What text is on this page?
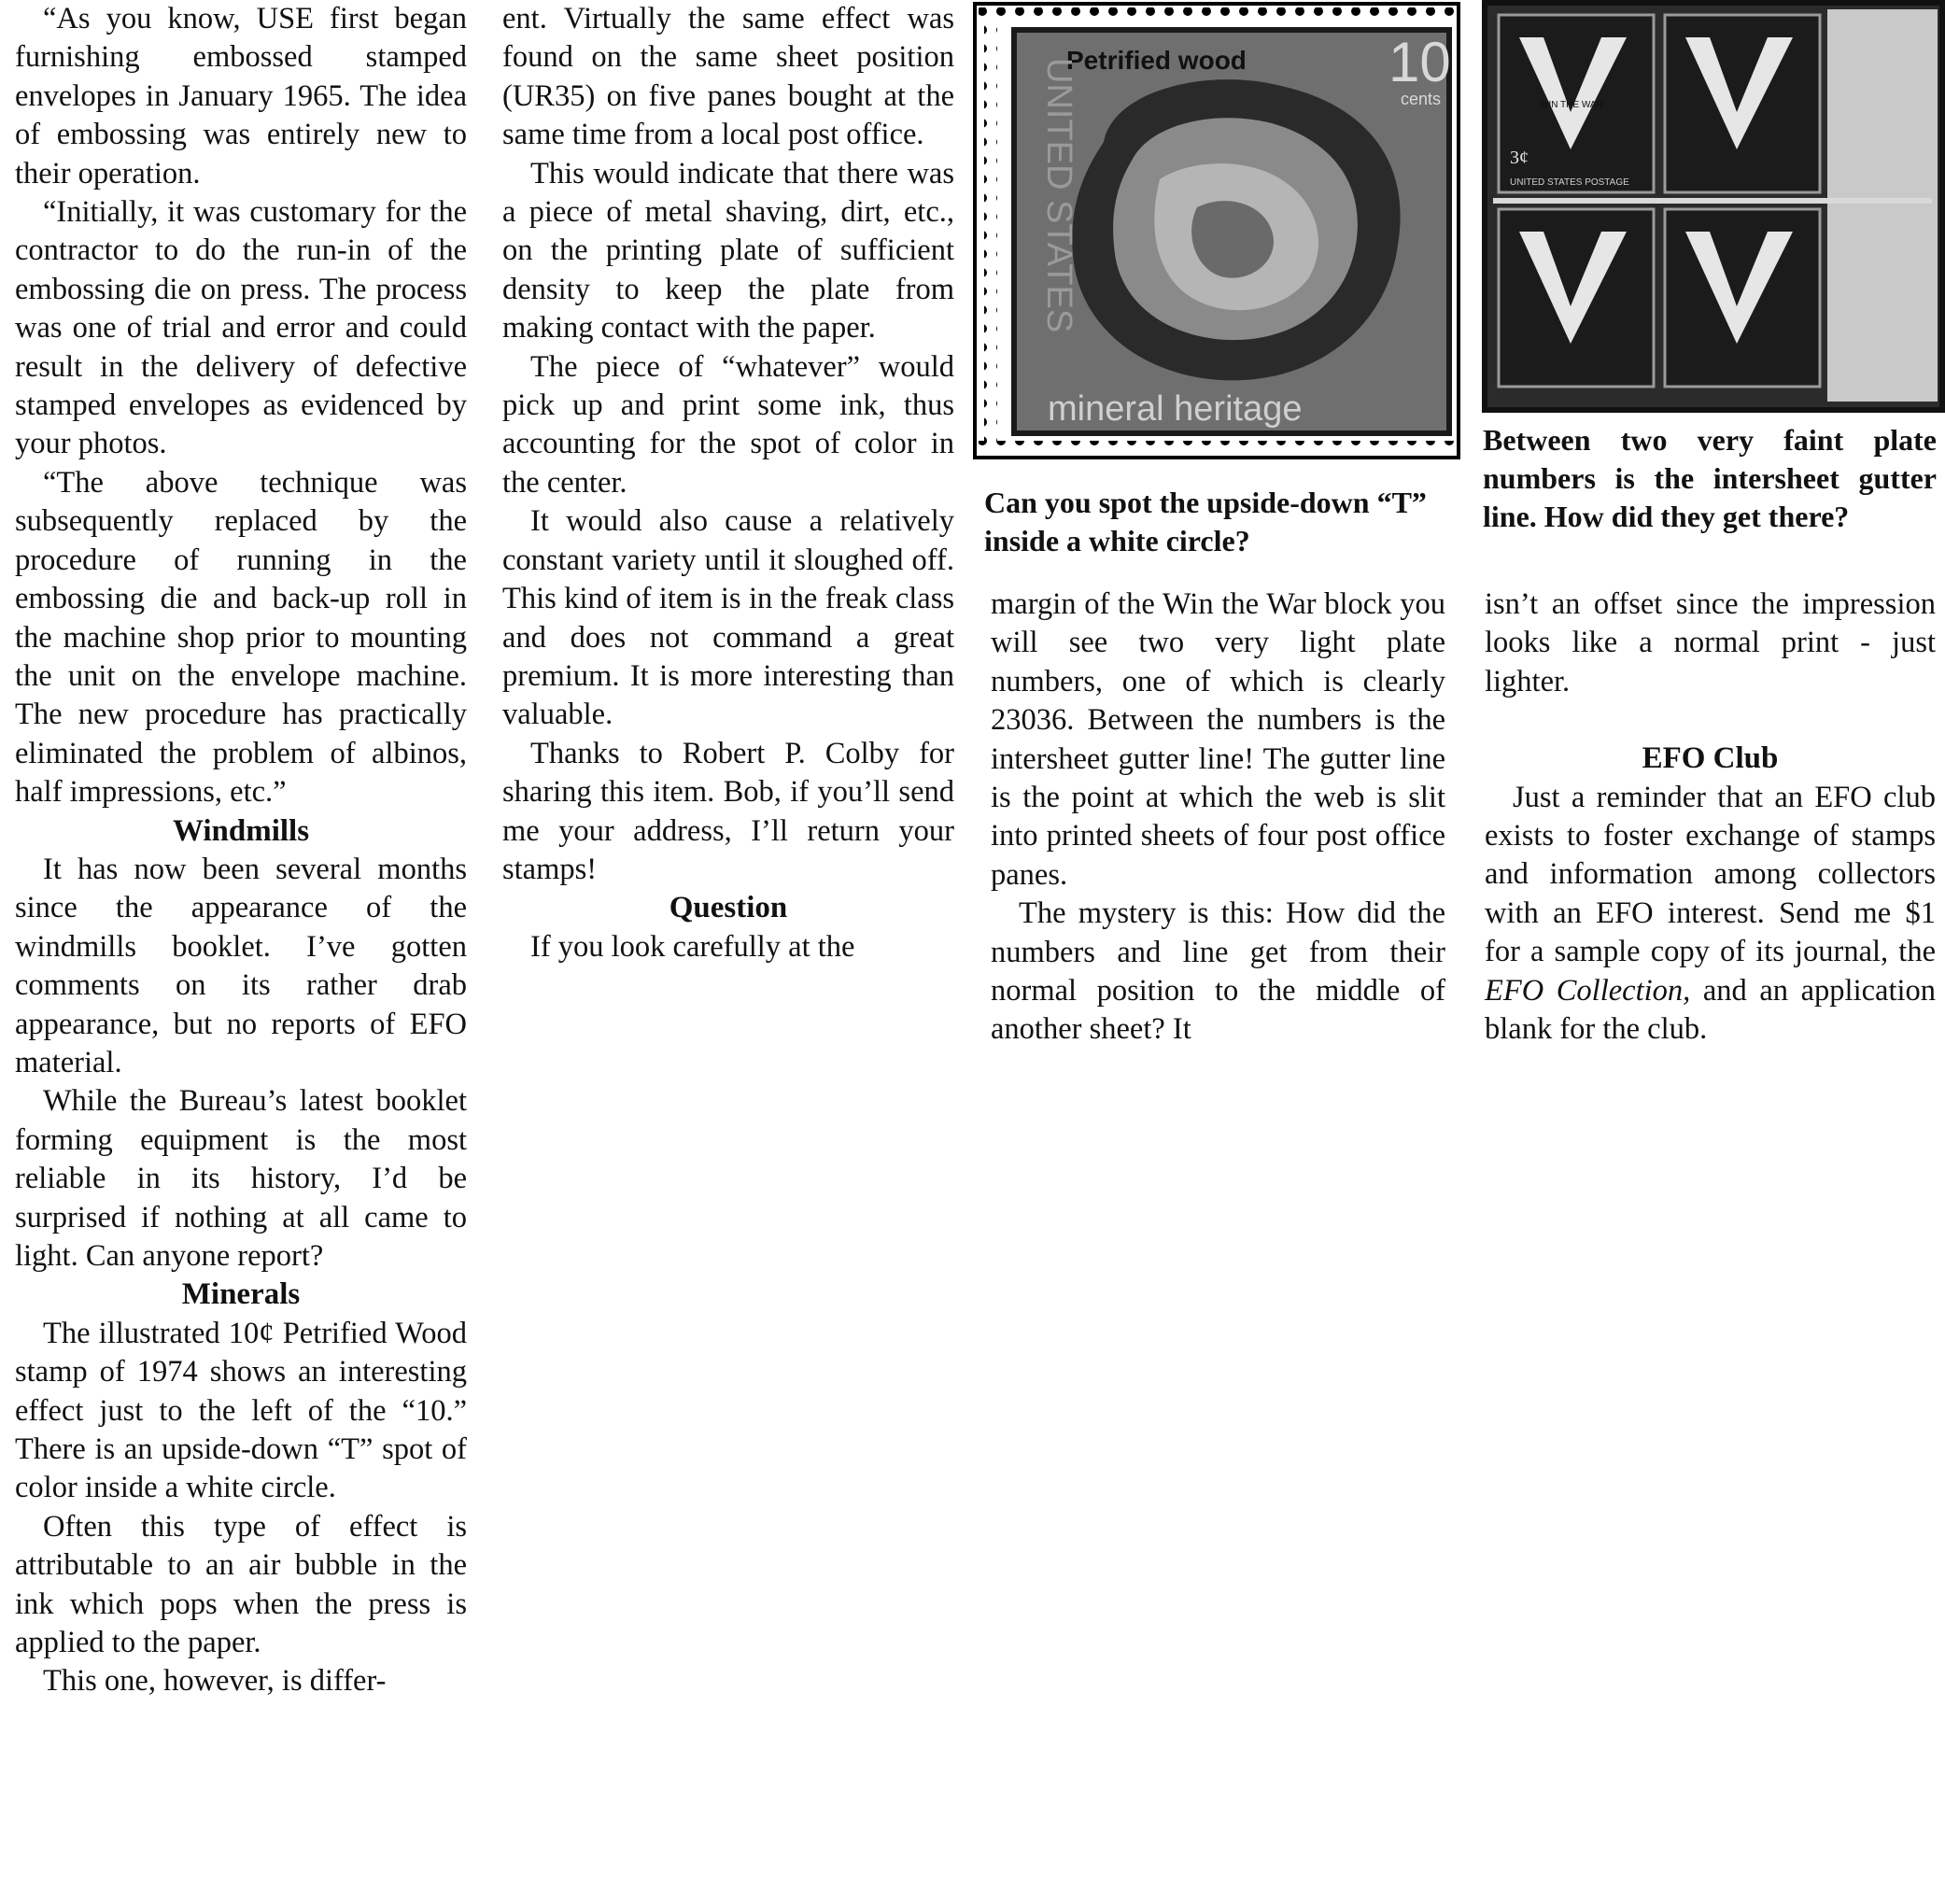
“As you know, USE first began furnishing embossed stamped envelopes in January 1965. The idea of embossing was entirely new to their operation.

“Initially, it was customary for the contractor to do the run-in of the embossing die on press. The process was one of trial and error and could result in the delivery of defective stamped envelopes as evidenced by your photos.

“The above technique was subsequently replaced by the procedure of running in the embossing die and back-up roll in the machine shop prior to mounting the unit on the envelope machine. The new procedure has practically eliminated the problem of albinos, half impressions, etc.”

Windmills

It has now been several months since the appearance of the windmills booklet. I’ve gotten comments on its rather drab appearance, but no reports of EFO material.

While the Bureau’s latest booklet forming equipment is the most reliable in its history, I’d be surprised if nothing at all came to light. Can anyone report?

Minerals

The illustrated 10¢ Petrified Wood stamp of 1974 shows an interesting effect just to the left of the “10.” There is an upside-down “T” spot of color inside a white circle.

Often this type of effect is attributable to an air bubble in the ink which pops when the press is applied to the paper.

This one, however, is differ-

ent. Virtually the same effect was found on the same sheet position (UR35) on five panes bought at the same time from a local post office.

This would indicate that there was a piece of metal shaving, dirt, etc., on the printing plate of sufficient density to keep the plate from making contact with the paper.

The piece of “whatever” would pick up and print some ink, thus accounting for the spot of color in the center.

It would also cause a relatively constant variety until it sloughed off. This kind of item is in the freak class and does not command a great premium. It is more interesting than valuable.

Thanks to Robert P. Colby for sharing this item. Bob, if you’ll send me your address, I’ll return your stamps!

Question

If you look carefully at the

Petrified wood	10
cents
UNITED STATES
mineral heritage
3¢
WIN THE WAR
UNITED STATES POSTAGE
Can you spot the upside-down “T” inside a white circle?
Between two very faint plate numbers is the intersheet gutter line. How did they get there?

margin of the Win the War block you will see two very light plate numbers, one of which is clearly 23036. Between the numbers is the intersheet gutter line! The gutter line is the point at which the web is slit into printed sheets of four post office panes.

The mystery is this: How did the numbers and line get from their normal position to the middle of another sheet? It

isn’t an offset since the impression looks like a normal print - just lighter.

EFO Club

Just a reminder that an EFO club exists to foster exchange of stamps and information among collectors with an EFO interest. Send me $1 for a sample copy of its journal, the EFO Collection, and an application blank for the club.
